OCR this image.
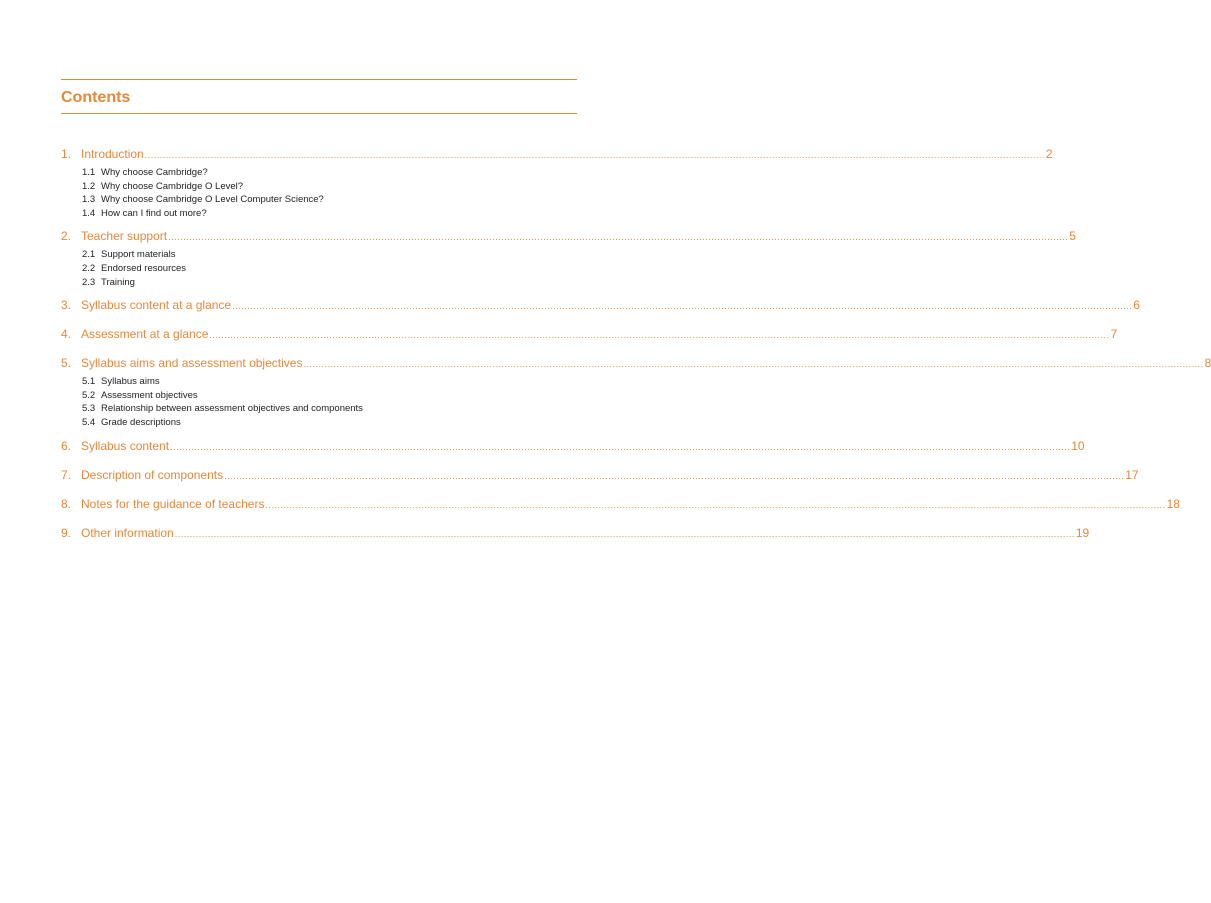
Contents
1. Introduction ............................................................................................................................................................................................................................................................................................................ 2
1.1 Why choose Cambridge?
1.2 Why choose Cambridge O Level?
1.3 Why choose Cambridge O Level Computer Science?
1.4 How can I find out more?
2. Teacher support ............................................................................................................................................................................................................................................................................................................ 5
2.1 Support materials
2.2 Endorsed resources
2.3 Training
3. Syllabus content at a glance ............................................................................................................................................................................................................................................................................................................ 6
4. Assessment at a glance ............................................................................................................................................................................................................................................................................................................ 7
5. Syllabus aims and assessment objectives ............................................................................................................................................................................................................................................................................................................ 8
5.1 Syllabus aims
5.2 Assessment objectives
5.3 Relationship between assessment objectives and components
5.4 Grade descriptions
6. Syllabus content ............................................................................................................................................................................................................................................................................................................ 10
7. Description of components ............................................................................................................................................................................................................................................................................................................ 17
8. Notes for the guidance of teachers ............................................................................................................................................................................................................................................................................................................ 18
9. Other information ............................................................................................................................................................................................................................................................................................................ 19
